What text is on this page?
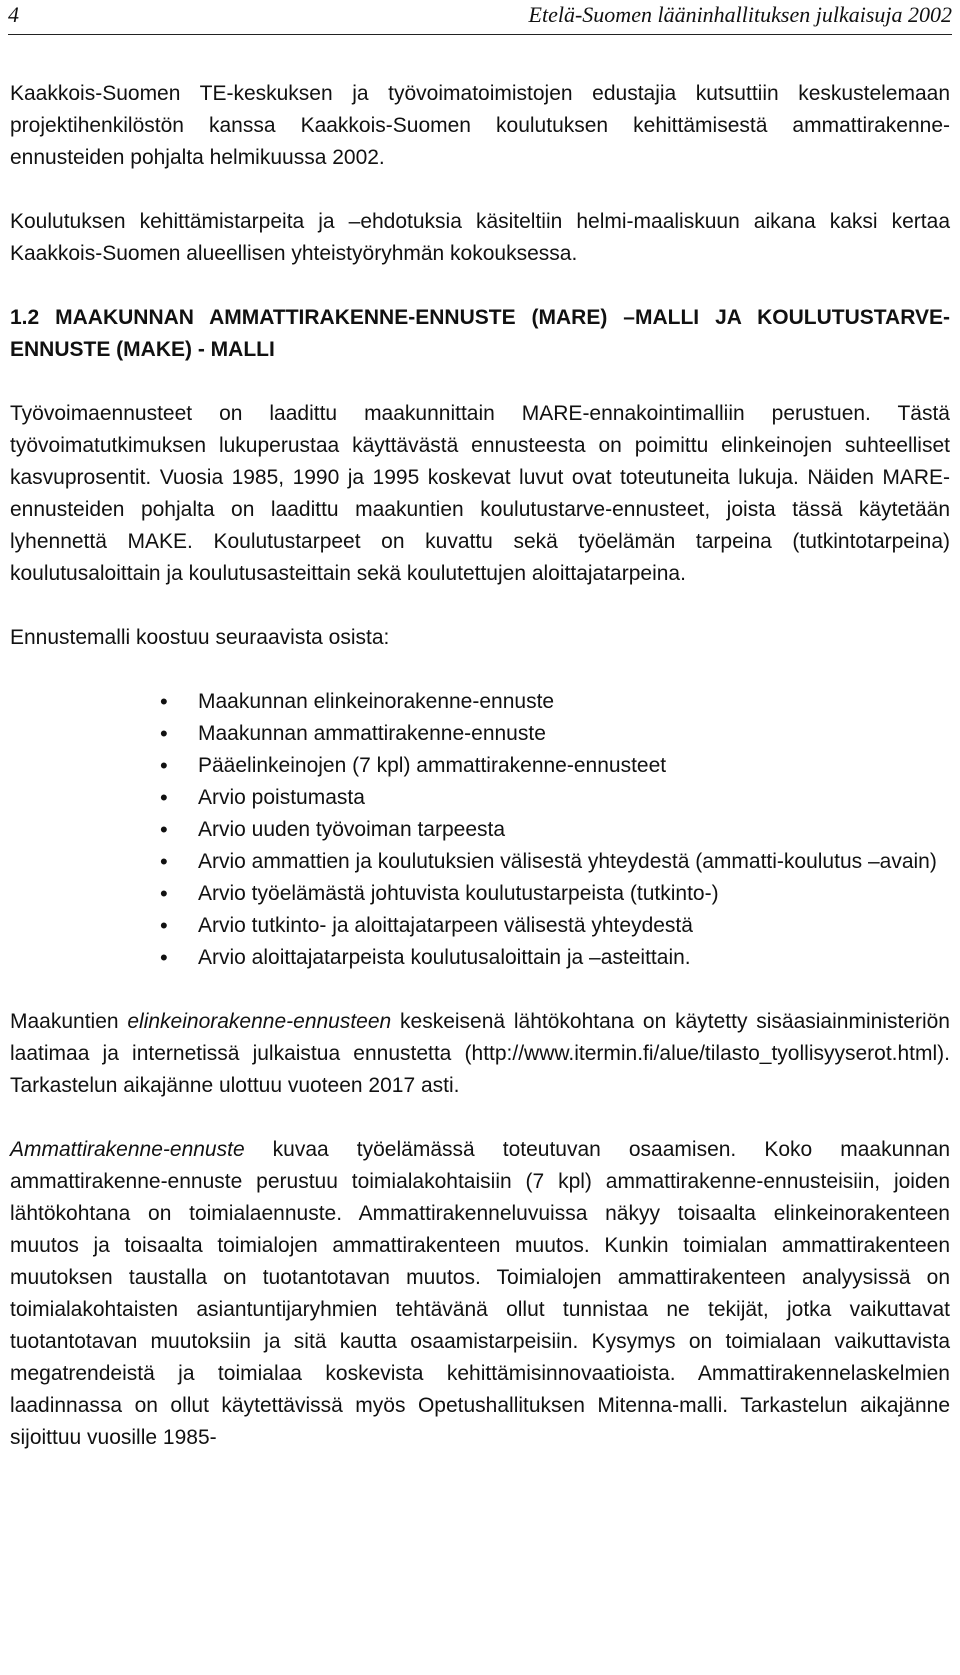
4	Etelä-Suomen lääninhallituksen julkaisuja 2002

Kaakkois-Suomen TE-keskuksen ja työvoimatoimistojen edustajia kutsuttiin keskustelemaan projektihenkilöstön kanssa Kaakkois-Suomen koulutuksen kehittämisestä ammattirakenne-ennusteiden pohjalta helmikuussa 2002.

Koulutuksen kehittämistarpeita ja –ehdotuksia käsiteltiin helmi-maaliskuun aikana kaksi kertaa Kaakkois-Suomen alueellisen yhteistyöryhmän kokouksessa.

1.2 MAAKUNNAN AMMATTIRAKENNE-ENNUSTE (MARE) –MALLI JA KOULUTUSTARVE-ENNUSTE (MAKE) - MALLI

Työvoimaennusteet on laadittu maakunnittain MARE-ennakointimalliin perustuen. Tästä työvoimatutkimuksen lukuperustaa käyttävästä ennusteesta on poimittu elinkeinojen suhteelliset kasvuprosentit. Vuosia 1985, 1990 ja 1995 koskevat luvut ovat toteutuneita lukuja. Näiden MARE-ennusteiden pohjalta on laadittu maakuntien koulutustarve-ennusteet, joista tässä käytetään lyhennettä MAKE. Koulutustarpeet on kuvattu sekä työelämän tarpeina (tutkintotarpeina) koulutusaloittain ja koulutusasteittain sekä koulutettujen aloittajatarpeina.

Ennustemalli koostuu seuraavista osista:

• Maakunnan elinkeinorakenne-ennuste
• Maakunnan ammattirakenne-ennuste
• Pääelinkeinojen (7 kpl) ammattirakenne-ennusteet
• Arvio poistumasta
• Arvio uuden työvoiman tarpeesta
• Arvio ammattien ja koulutuksien välisestä yhteydestä (ammatti-koulutus –avain)
• Arvio työelämästä johtuvista koulutustarpeista (tutkinto-)
• Arvio tutkinto- ja aloittajatarpeen välisestä yhteydestä
• Arvio aloittajatarpeista koulutusaloittain ja –asteittain.

Maakuntien elinkeinorakenne-ennusteen keskeisenä lähtökohtana on käytetty sisäasiainministeriön laatimaa ja internetissä julkaistua ennustetta (http://www.itermin.fi/alue/tilasto_tyollisyyserot.html). Tarkastelun aikajänne ulottuu vuoteen 2017 asti.

Ammattirakenne-ennuste kuvaa työelämässä toteutuvan osaamisen. Koko maakunnan ammattirakenne-ennuste perustuu toimialakohtaisiin (7 kpl) ammattirakenne-ennusteisiin, joiden lähtökohtana on toimialaennuste. Ammattirakenneluvuissa näkyy toisaalta elinkeinorakenteen muutos ja toisaalta toimialojen ammattirakenteen muutos. Kunkin toimialan ammattirakenteen muutoksen taustalla on tuotantotavan muutos. Toimialojen ammattirakenteen analyysissä on toimialakohtaisten asiantuntijaryhmien tehtävänä ollut tunnistaa ne tekijät, jotka vaikuttavat tuotantotavan muutoksiin ja sitä kautta osaamistarpeisiin. Kysymys on toimialaan vaikuttavista megatrendeistä ja toimialaa koskevista kehittämisinnovaatioista. Ammattirakennelaskelmien laadinnassa on ollut käytettävissä myös Opetushallituksen Mitenna-malli. Tarkastelun aikajänne sijoittuu vuosille 1985-
